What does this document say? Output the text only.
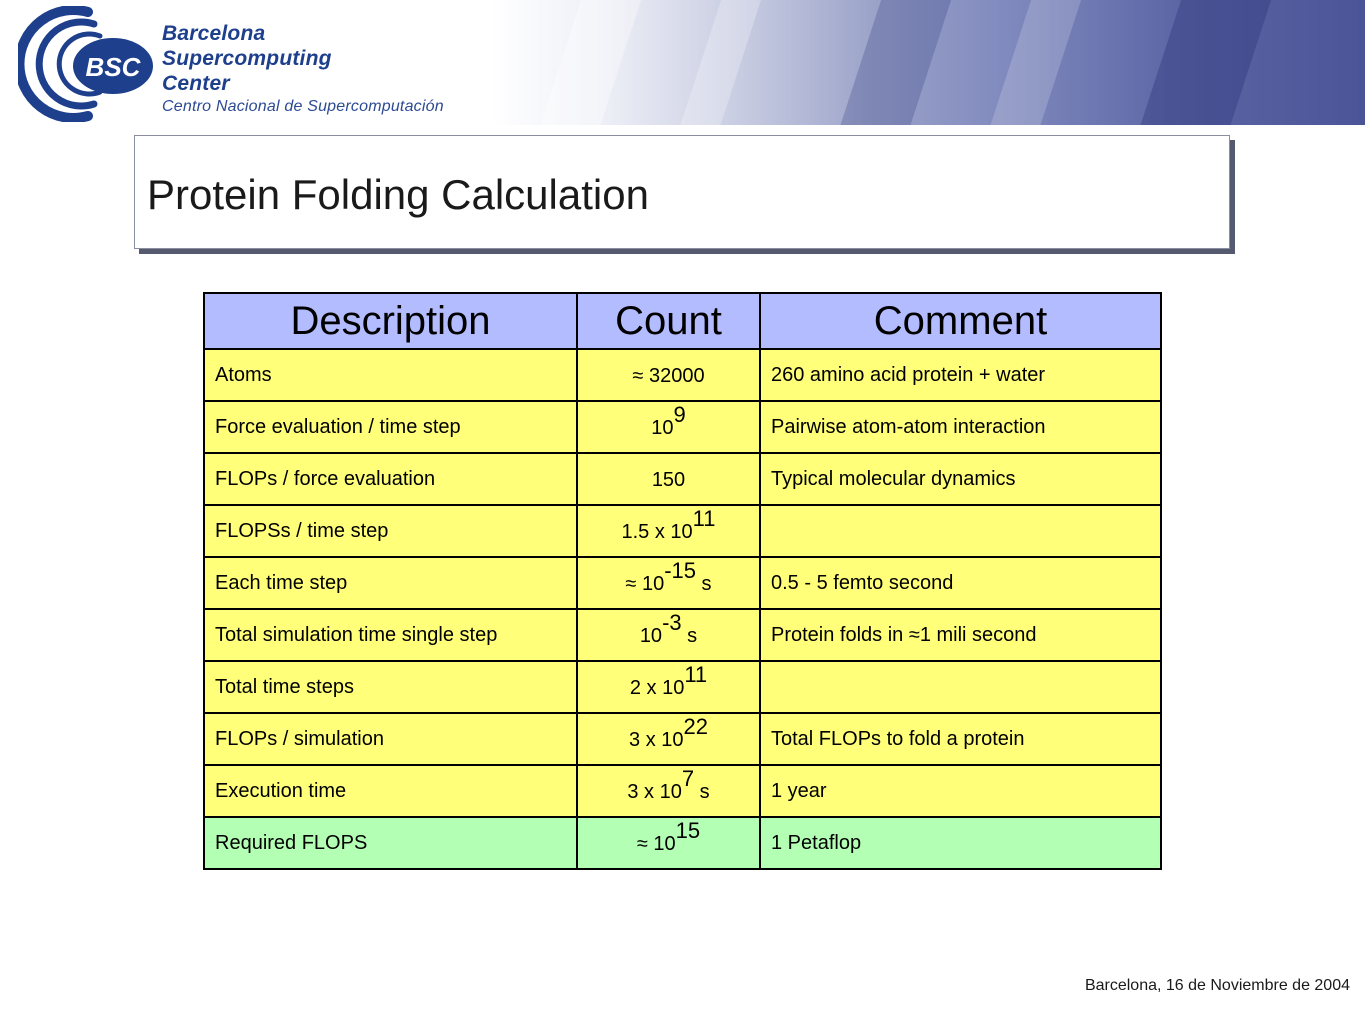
BSC

Barcelona

Supercomputing

Center

Centro Nacional de Supercomputación

Protein Folding Calculation
Description	Count	Comment
Atoms	≈ 32000	260 amino acid protein + water
Force evaluation / time step	109	Pairwise atom-atom interaction
FLOPs / force evaluation	150	Typical molecular dynamics
FLOPSs / time step	1.5 x 1011	
Each time step	≈ 10-15 s	0.5 - 5 femto second
Total simulation time single step	10-3 s	Protein folds in ≈1 mili second
Total time steps	2 x 1011	
FLOPs / simulation	3 x 1022	Total FLOPs to fold a protein
Execution time	3 x 107 s	1 year
Required FLOPS	≈ 1015	1 Petaflop

Barcelona, 16 de Noviembre de 2004
